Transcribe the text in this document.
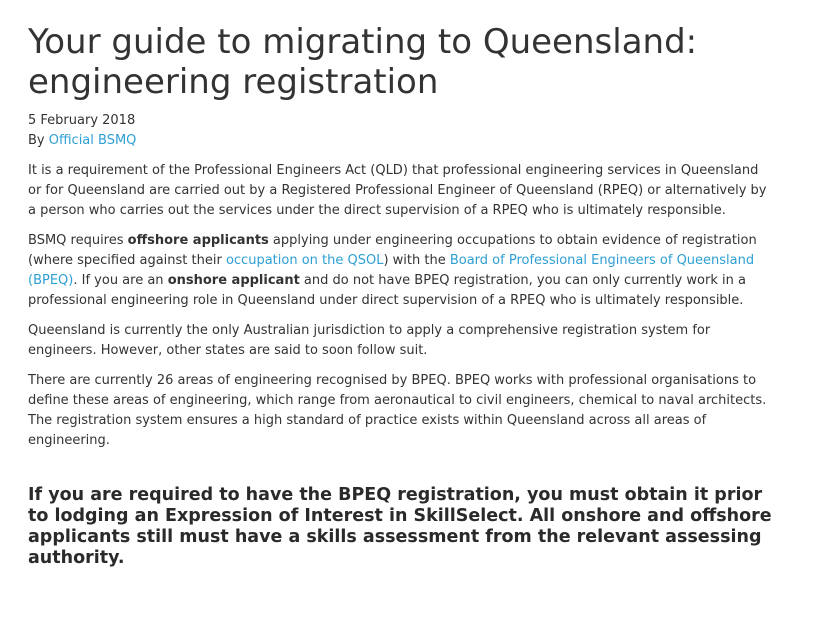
Your guide to migrating to Queensland: engineering registration
5 February 2018
By Official BSMQ

It is a requirement of the Professional Engineers Act (QLD) that professional engineering services in Queensland or for Queensland are carried out by a Registered Professional Engineer of Queensland (RPEQ) or alternatively by a person who carries out the services under the direct supervision of a RPEQ who is ultimately responsible.

BSMQ requires offshore applicants applying under engineering occupations to obtain evidence of registration (where specified against their occupation on the QSOL) with the Board of Professional Engineers of Queensland (BPEQ). If you are an onshore applicant and do not have BPEQ registration, you can only currently work in a professional engineering role in Queensland under direct supervision of a RPEQ who is ultimately responsible.

Queensland is currently the only Australian jurisdiction to apply a comprehensive registration system for engineers. However, other states are said to soon follow suit.

There are currently 26 areas of engineering recognised by BPEQ. BPEQ works with professional organisations to define these areas of engineering, which range from aeronautical to civil engineers, chemical to naval architects. The registration system ensures a high standard of practice exists within Queensland across all areas of engineering.

If you are required to have the BPEQ registration, you must obtain it prior to lodging an Expression of Interest in SkillSelect. All onshore and offshore applicants still must have a skills assessment from the relevant assessing authority.
